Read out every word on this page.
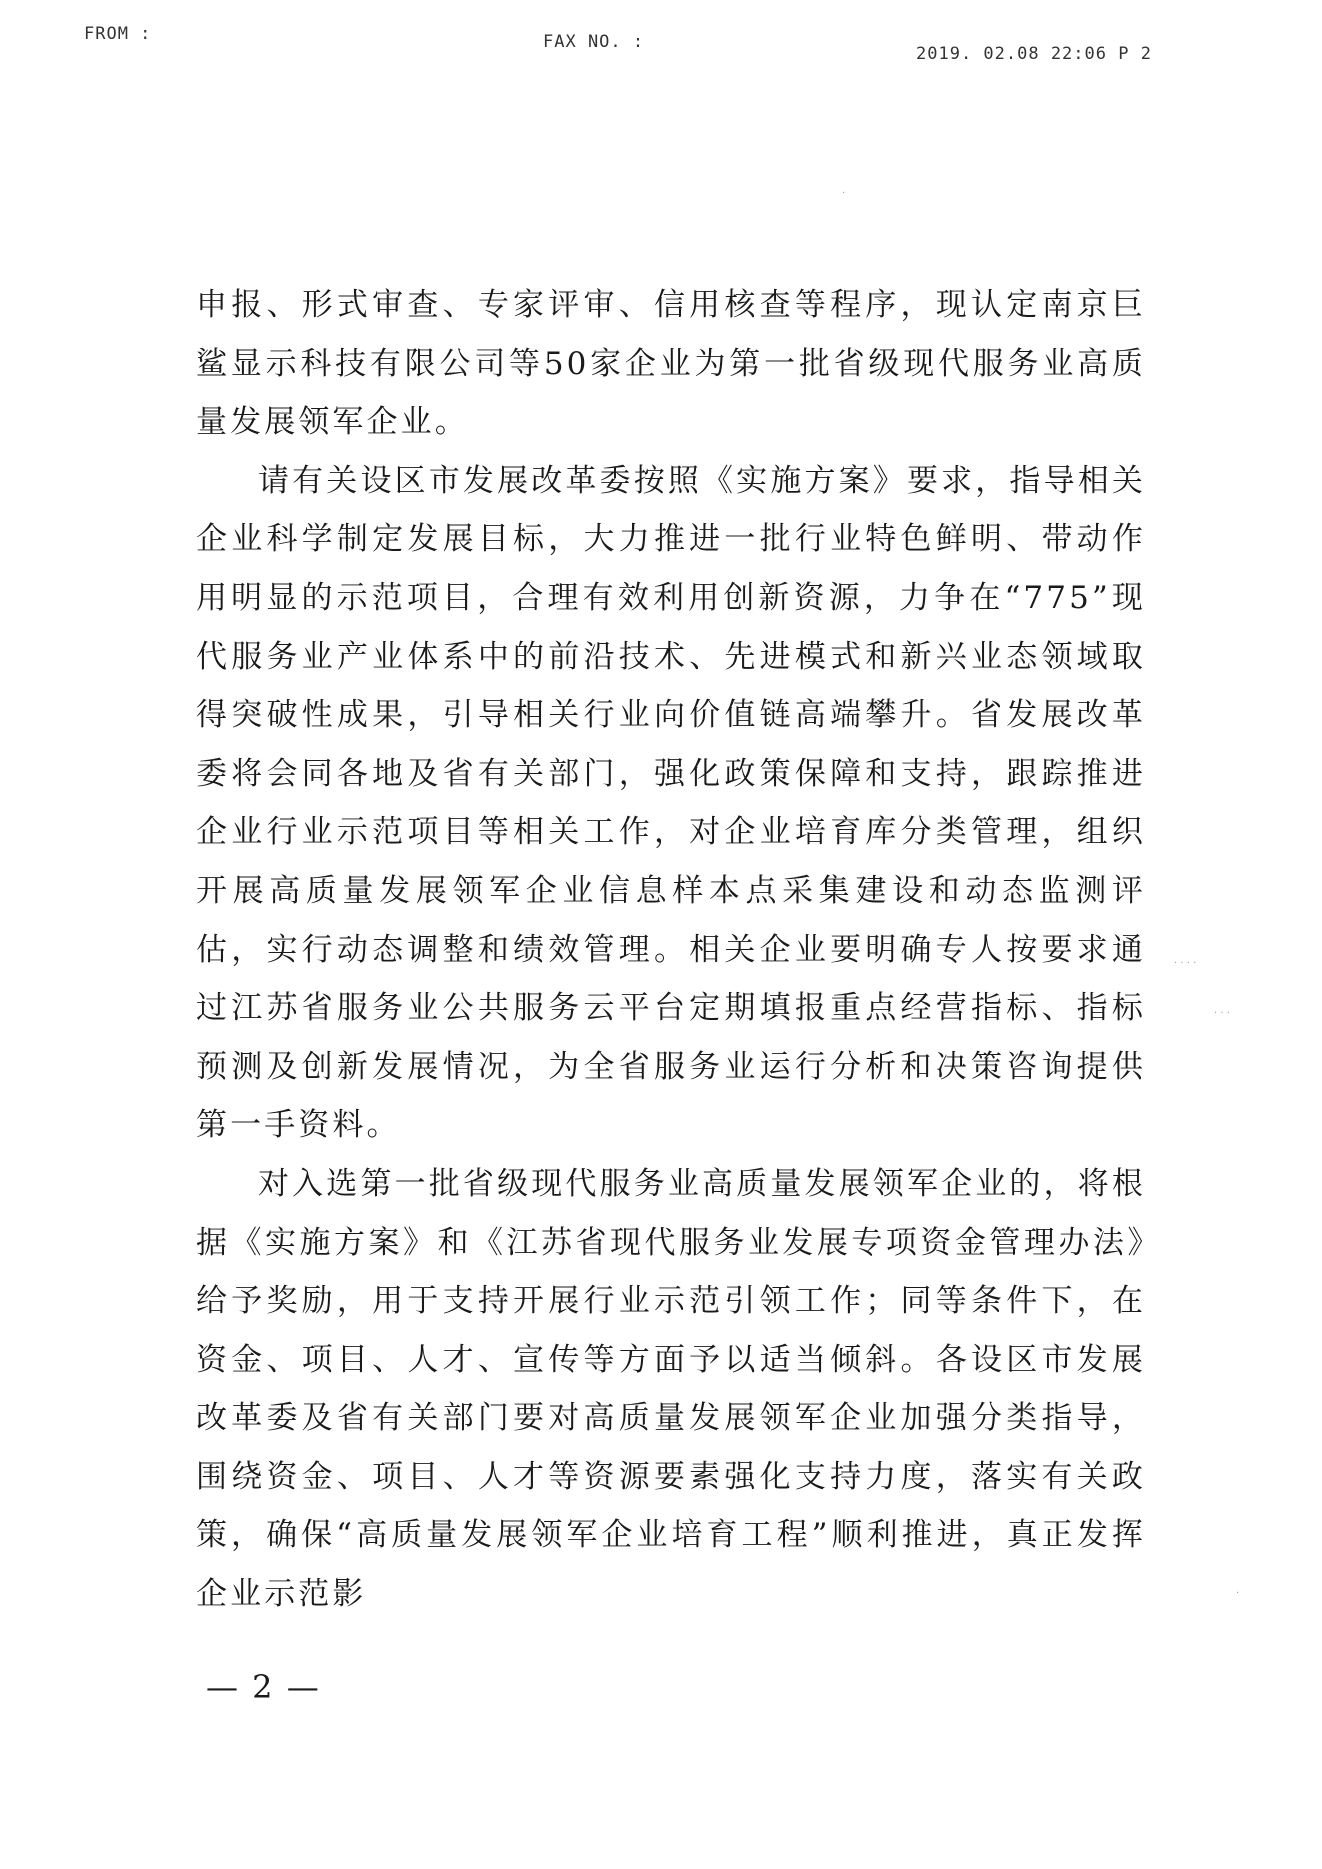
FROM :	FAX NO. :
2019. 02.08 22:06 P 2

申报、形式审查、专家评审、信用核查等程序，现认定南京巨鲨显示科技有限公司等50家企业为第一批省级现代服务业高质量发展领军企业。

请有关设区市发展改革委按照《实施方案》要求，指导相关企业科学制定发展目标，大力推进一批行业特色鲜明、带动作用明显的示范项目，合理有效利用创新资源，力争在“775”现代服务业产业体系中的前沿技术、先进模式和新兴业态领域取得突破性成果，引导相关行业向价值链高端攀升。省发展改革委将会同各地及省有关部门，强化政策保障和支持，跟踪推进企业行业示范项目等相关工作，对企业培育库分类管理，组织开展高质量发展领军企业信息样本点采集建设和动态监测评估，实行动态调整和绩效管理。相关企业要明确专人按要求通过江苏省服务业公共服务云平台定期填报重点经营指标、指标预测及创新发展情况，为全省服务业运行分析和决策咨询提供第一手资料。

对入选第一批省级现代服务业高质量发展领军企业的，将根据《实施方案》和《江苏省现代服务业发展专项资金管理办法》给予奖励，用于支持开展行业示范引领工作；同等条件下，在资金、项目、人才、宣传等方面予以适当倾斜。各设区市发展改革委及省有关部门要对高质量发展领军企业加强分类指导，围绕资金、项目、人才等资源要素强化支持力度，落实有关政策，确保“高质量发展领军企业培育工程”顺利推进，真正发挥企业示范影

— 2 —
·
· · · ·
· · ·
·
